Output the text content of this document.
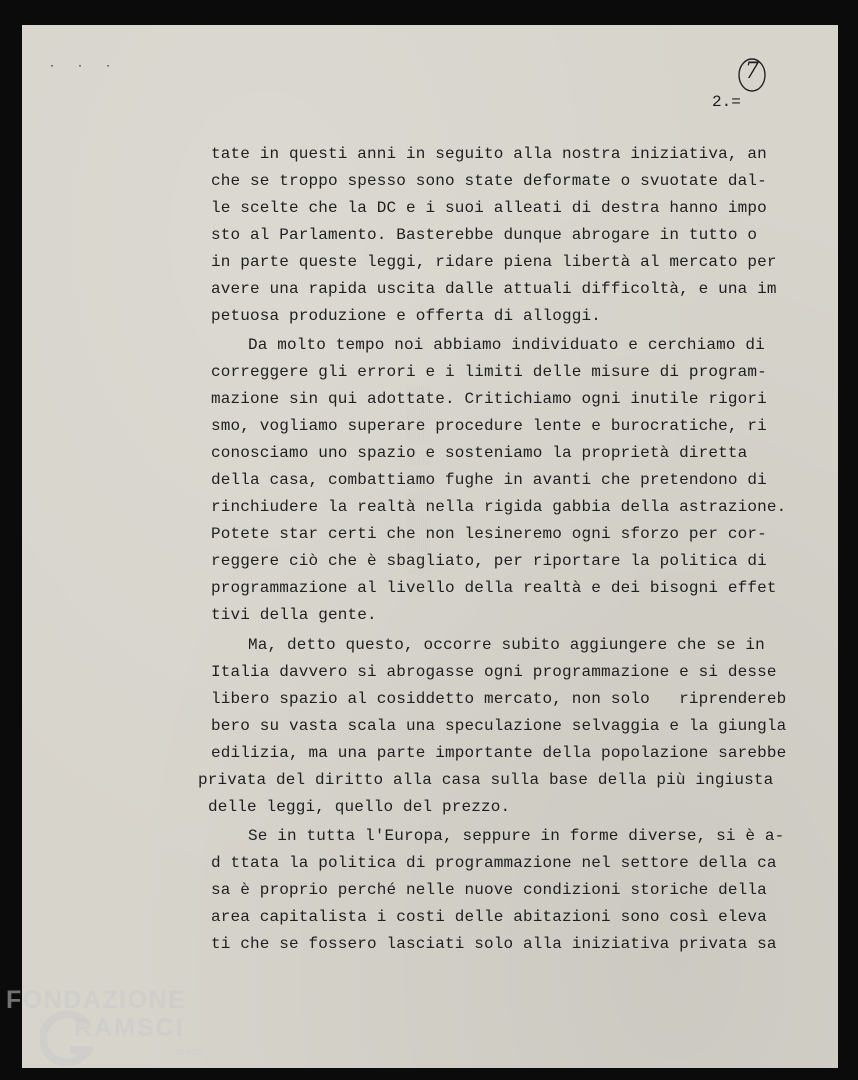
· · ·	7
2.=
tate in questi anni in seguito alla nostra iniziativa, an
che se troppo spesso sono state deformate o svuotate dal-
le scelte che la DC e i suoi alleati di destra hanno impo
sto al Parlamento. Basterebbe dunque abrogare in tutto o
in parte queste leggi, ridare piena libertà al mercato per
avere una rapida uscita dalle attuali difficoltà, e una im
petuosa produzione e offerta di alloggi.
Da molto tempo noi abbiamo individuato e cerchiamo di
correggere gli errori e i limiti delle misure di program-
mazione sin qui adottate. Critichiamo ogni inutile rigori
smo, vogliamo superare procedure lente e burocratiche, ri
conosciamo uno spazio e sosteniamo la proprietà diretta
della casa, combattiamo fughe in avanti che pretendono di
rinchiudere la realtà nella rigida gabbia della astrazione.
Potete star certi che non lesineremo ogni sforzo per cor-
reggere ciò che è sbagliato, per riportare la politica di
programmazione al livello della realtà e dei bisogni effet
tivi della gente.
Ma, detto questo, occorre subito aggiungere che se in
Italia davvero si abrogasse ogni programmazione e si desse
libero spazio al cosiddetto mercato, non solo   riprendereb
bero su vasta scala una speculazione selvaggia e la giungla
edilizia, ma una parte importante della popolazione sarebbe
privata del diritto alla casa sulla base della più ingiusta
delle leggi, quello del prezzo.
Se in tutta l'Europa, seppure in forme diverse, si è a-
d ttata la politica di programmazione nel settore della ca
sa è proprio perché nelle nuove condizioni storiche della
area capitalista i costi delle abitazioni sono così eleva
ti che se fossero lasciati solo alla iniziativa privata sa
FONDAZIONE
RAMSCI
onlus
